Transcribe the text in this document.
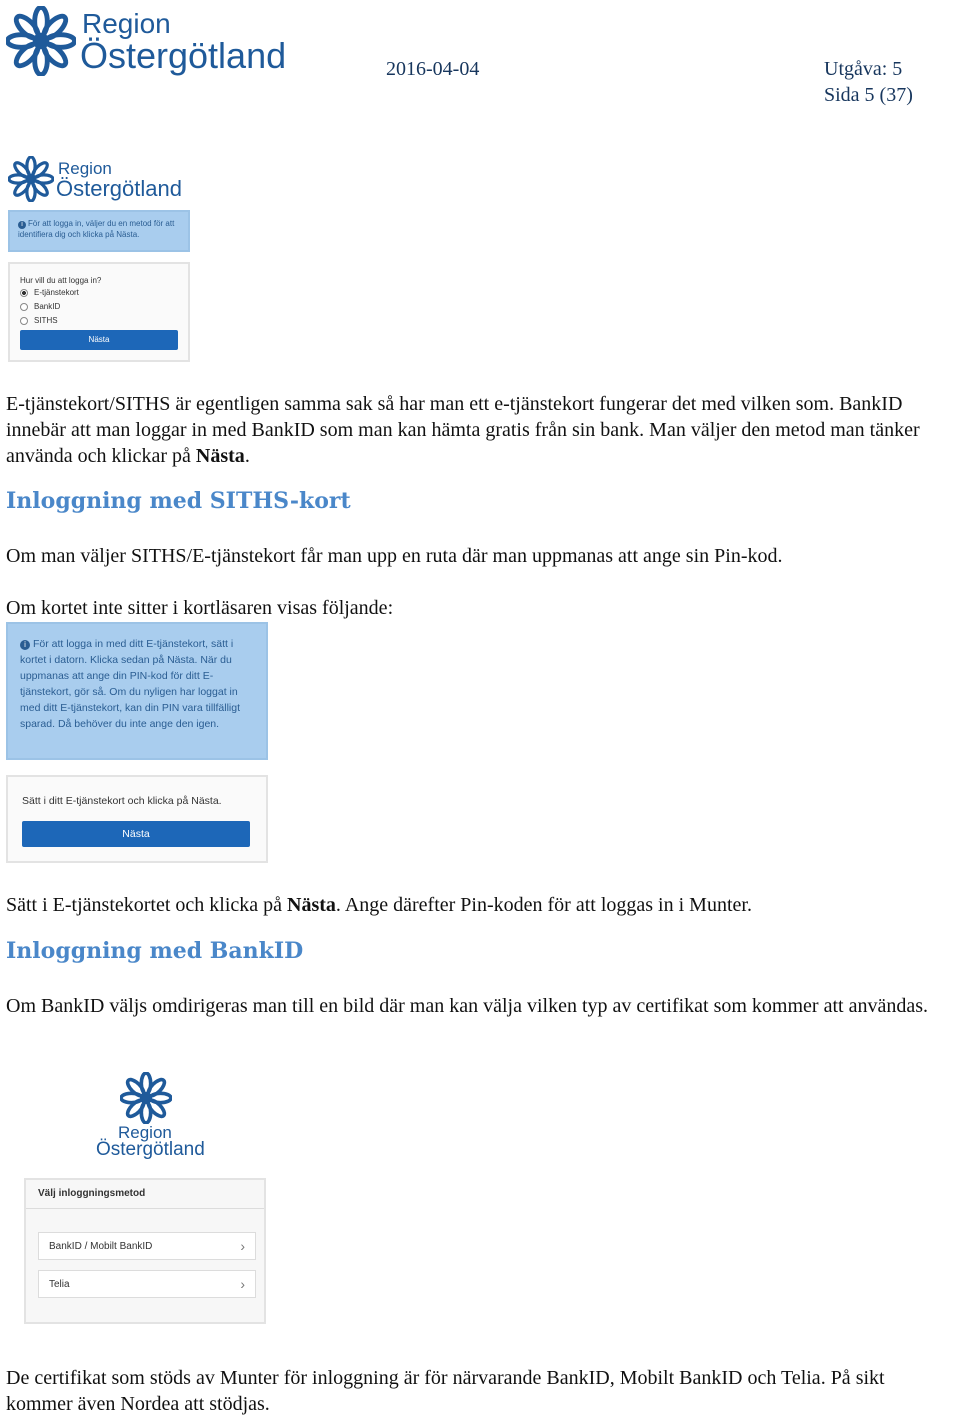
Region
Östergötland	2016-04-04	Utgåva: 5
Sida 5 (37)
Region
Östergötland
i För att logga in, väljer du en metod för att identifiera dig och klicka på Nästa.
Hur vill du att logga in?
E-tjänstekort
BankID
SITHS
Nästa
E-tjänstekort/SITHS är egentligen samma sak så har man ett e-tjänstekort fungerar det med vilken som. BankID innebär att man loggar in med BankID som man kan hämta gratis från sin bank. Man väljer den metod man tänker använda och klickar på Nästa.
Inloggning med SITHS-kort
Om man väljer SITHS/E-tjänstekort får man upp en ruta där man uppmanas att ange sin Pin-kod.
Om kortet inte sitter i kortläsaren visas följande:
i För att logga in med ditt E-tjänstekort, sätt i kortet i datorn. Klicka sedan på Nästa. När du uppmanas att ange din PIN-kod för ditt E-tjänstekort, gör så. Om du nyligen har loggat in med ditt E-tjänstekort, kan din PIN vara tillfälligt sparad. Då behöver du inte ange den igen.
Sätt i ditt E-tjänstekort och klicka på Nästa.
Nästa
Sätt i E-tjänstekortet och klicka på Nästa. Ange därefter Pin-koden för att loggas in i Munter.
Inloggning med BankID
Om BankID väljs omdirigeras man till en bild där man kan välja vilken typ av certifikat som kommer att användas.
Region
Östergötland
Välj inloggningsmetod
BankID / Mobilt BankID	›
Telia	›
De certifikat som stöds av Munter för inloggning är för närvarande BankID, Mobilt BankID och Telia. På sikt kommer även Nordea att stödjas.
